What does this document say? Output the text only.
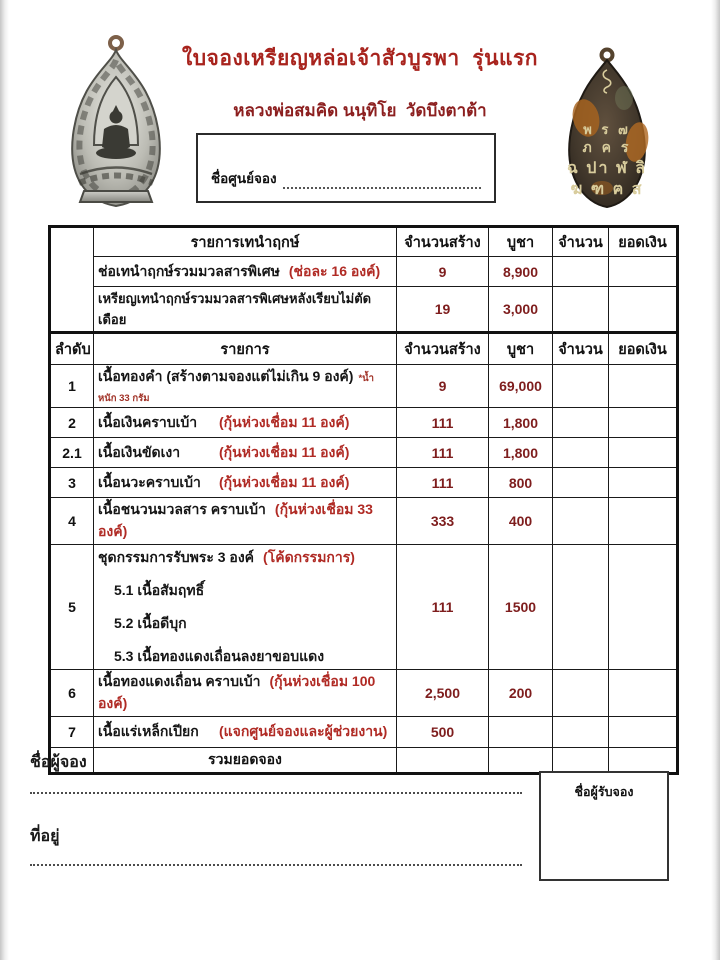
พ ร ๗
ภ ค ร
ฉ ปา ฬ ลิ
ฆ ฑ ฅ ส
ใบจองเหรียญหล่อเจ้าสัวบูรพา  รุ่นแรก
หลวงพ่อสมคิด นนุทิโย  วัดบึงตาต้า
ชื่อศูนย์จอง
	รายการเทนำฤกษ์	จำนวนสร้าง	บูชา	จำนวน	ยอดเงิน
	ช่อเทนำฤกษ์รวมมวลสารพิเศษ (ช่อละ 16 องค์)	9	8,900		
	เหรียญเทนำฤกษ์รวมมวลสารพิเศษหลังเรียบไม่ตัดเดือย	19	3,000		
ลำดับ	รายการ	จำนวนสร้าง	บูชา	จำนวน	ยอดเงิน
1	เนื้อทองคำ (สร้างตามจองแต่ไม่เกิน 9 องค์) *น้ำหนัก 33 กรัม	9	69,000		
2	เนื้อเงินคราบเบ้า (กุ้นห่วงเชื่อม 11 องค์)	111	1,800		
2.1	เนื้อเงินขัดเงา (กุ้นห่วงเชื่อม 11 องค์)	111	1,800		
3	เนื้อนวะคราบเบ้า (กุ้นห่วงเชื่อม 11 องค์)	111	800		
4	เนื้อชนวนมวลสาร คราบเบ้า (กุ้นห่วงเชื่อม 33 องค์)	333	400		
5	ชุดกรรมการรับพระ 3 องค์ (โค้ดกรรมการ)
5.1 เนื้อสัมฤทธิ์
5.2 เนื้อดีบุก
5.3 เนื้อทองแดงเถื่อนลงยาขอบแดง	111	1500		
6	เนื้อทองแดงเถื่อน คราบเบ้า (กุ้นห่วงเชื่อม 100 องค์)	2,500	200		
7	เนื้อแร่เหล็กเปียก (แจกศูนย์จองและผู้ช่วยงาน)	500			
	รวมยอดจอง				
ชื่อผู้จอง
ที่อยู่
ชื่อผู้รับจอง
